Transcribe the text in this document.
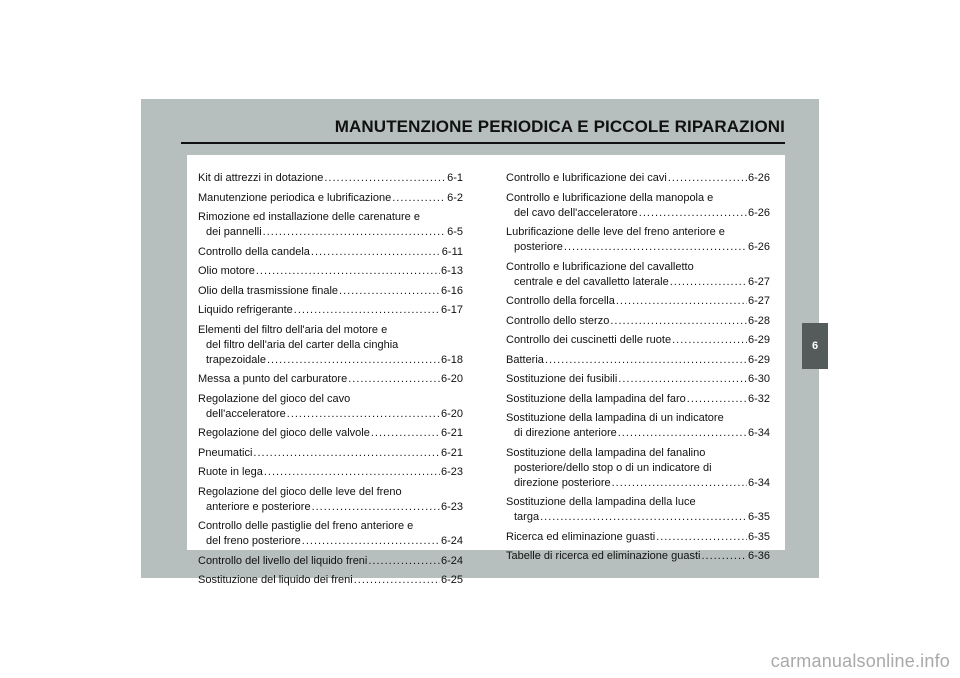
MANUTENZIONE PERIODICA E PICCOLE RIPARAZIONI
Kit di attrezzi in dotazione .....	6-1
Manutenzione periodica e lubrificazione .....	6-2
Rimozione ed installazione delle carenature e
dei pannelli .....	6-5
Controllo della candela .....	6-11
Olio motore .....	6-13
Olio della trasmissione finale .....	6-16
Liquido refrigerante .....	6-17
Elementi del filtro dell'aria del motore e
del filtro dell'aria del carter della cinghia
trapezoidale .....	6-18
Messa a punto del carburatore .....	6-20
Regolazione del gioco del cavo
dell'acceleratore .....	6-20
Regolazione del gioco delle valvole .....	6-21
Pneumatici .....	6-21
Ruote in lega .....	6-23
Regolazione del gioco delle leve del freno
anteriore e posteriore .....	6-23
Controllo delle pastiglie del freno anteriore e
del freno posteriore .....	6-24
Controllo del livello del liquido freni .....	6-24
Sostituzione del liquido dei freni .....	6-25
Controllo e lubrificazione dei cavi .....	6-26
Controllo e lubrificazione della manopola e
del cavo dell'acceleratore .....	6-26
Lubrificazione delle leve del freno anteriore e
posteriore .....	6-26
Controllo e lubrificazione del cavalletto
centrale e del cavalletto laterale .....	6-27
Controllo della forcella .....	6-27
Controllo dello sterzo .....	6-28
Controllo dei cuscinetti delle ruote .....	6-29
Batteria .....	6-29
Sostituzione dei fusibili .....	6-30
Sostituzione della lampadina del faro .....	6-32
Sostituzione della lampadina di un indicatore
di direzione anteriore .....	6-34
Sostituzione della lampadina del fanalino
posteriore/dello stop o di un indicatore di
direzione posteriore .....	6-34
Sostituzione della lampadina della luce
targa .....	6-35
Ricerca ed eliminazione guasti .....	6-35
Tabelle di ricerca ed eliminazione guasti .....	6-36
6
carmanualsonline.info
